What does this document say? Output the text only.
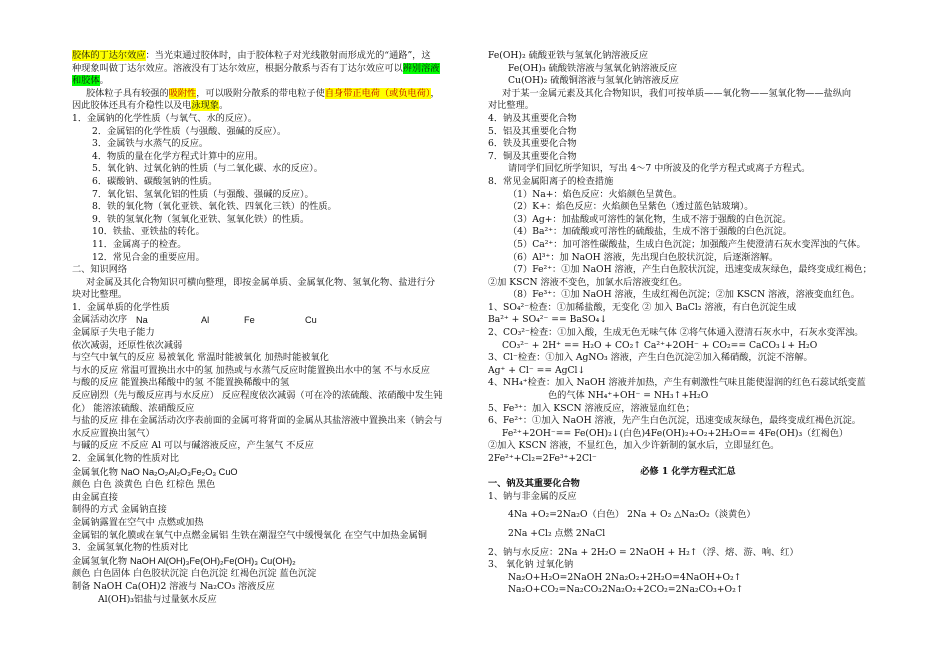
胶体的丁达尔效应：当光束通过胶体时，由于胶体粒子对光线散射而形成光的“通路”，这
种现象叫做丁达尔效应。溶液没有丁达尔效应，根据分散系与否有丁达尔效应可以辨别溶液
和胶体。
胶体粒子具有较强的吸附性，可以吸附分散系的带电粒子使自身带正电荷（或负电荷），
因此胶体还具有介稳性以及电泳现象。
1．金属钠的化学性质（与氧气、水的反应）。
2．金属铝的化学性质（与强酸、强碱的反应）。
3．金属铁与水蒸气的反应。
4．物质的量在化学方程式计算中的应用。
5．氧化钠、过氧化钠的性质（与二氧化碳、水的反应）。
6．碳酸钠、碳酸氢钠的性质。
7．氧化铝、氢氧化铝的性质（与强酸、强碱的反应）。
8．铁的氧化物（氧化亚铁、氧化铁、四氧化三铁）的性质。
9．铁的氢氧化物（氢氧化亚铁、氢氧化铁）的性质。
10．铁盐、亚铁盐的转化。
11．金属离子的检查。
12．常见合金的重要应用。
二、知识网络
对金属及其化合物知识可横向整理，即按金属单质、金属氧化物、氢氧化物、盐进行分
块对比整理。
1．金属单质的化学性质
金属活动次序 Na	Al	Fe	Cu
金属原子失电子能力
依次减弱，还原性依次减弱
与空气中氧气的反应 易被氧化 常温时能被氧化 加热时能被氧化
与水的反应 常温可置换出水中的氢 加热或与水蒸气反应时能置换出水中的氢 不与水反应
与酸的反应 能置换出稀酸中的氢 不能置换稀酸中的氢
反应剧烈（先与酸反应再与水反应） 反应程度依次减弱（可在冷的浓硫酸、浓硝酸中发生钝
化） 能溶浓硫酸、浓硝酸反应
与盐的反应 排在金属活动次序表前面的金属可将背面的金属从其盐溶液中置换出来（钠会与
水反应置换出氢气）
与碱的反应 不反应 Al 可以与碱溶液反应，产生氢气 不反应
2．金属氧化物的性质对比
金属氧化物 NaO Na₂O₂Al₂O₃Fe₂O₃ CuO
颜色 白色 淡黄色 白色 红棕色 黑色
由金属直接
制得的方式 金属钠直接
金属钠露置在空气中 点燃或加热
金属铝的氧化膜或在氧气中点燃金属铝 生铁在潮湿空气中缓慢氧化 在空气中加热金属铜
3．金属氢氧化物的性质对比
金属氢氧化物 NaOH Al(OH)₃Fe(OH)₂Fe(OH)₃ Cu(OH)₂
颜色 白色固体 白色胶状沉淀 白色沉淀 红褐色沉淀 蓝色沉淀
制备 NaOH Ca(OH)2 溶液与 Na₂CO₃ 溶液反应
Al(OH)₃铝盐与过量氨水反应
Fe(OH)₂ 硫酸亚铁与氢氧化钠溶液反应
Fe(OH)₃ 硫酸铁溶液与氢氧化钠溶液反应
Cu(OH)₂ 硫酸铜溶液与氢氧化钠溶液反应
对于某一金属元素及其化合物知识，我们可按单质——氧化物——氢氧化物——盐纵向
对比整理。
4．钠及其重要化合物
5．铝及其重要化合物
6．铁及其重要化合物
7．铜及其重要化合物
请同学们回忆所学知识，写出 4～7 中所波及的化学方程式或离子方程式。
8．常见金属阳离子的检查措施
（1）Na+：焰色反应：火焰颜色呈黄色。
（2）K+：焰色反应：火焰颜色呈紫色（透过蓝色钴玻璃）。
（3）Ag+：加盐酸或可溶性的氯化物，生成不溶于强酸的白色沉淀。
（4）Ba²⁺：加硫酸或可溶性的硫酸盐，生成不溶于强酸的白色沉淀。
（5）Ca²⁺：加可溶性碳酸盐，生成白色沉淀；加强酸产生使澄清石灰水变浑浊的气体。
（6）Al³⁺：加 NaOH 溶液，先出现白色胶状沉淀，后逐渐溶解。
（7）Fe²⁺：①加 NaOH 溶液，产生白色胶状沉淀，迅速变成灰绿色，最终变成红褐色；
②加 KSCN 溶液不变色，加氯水后溶液变红色。
（8）Fe³⁺：①加 NaOH 溶液，生成红褐色沉淀；②加 KSCN 溶液，溶液变血红色。
1、SO₄²⁻检查：①加稀盐酸，无变化 ② 加入 BaCl₂ 溶液，有白色沉淀生成
Ba²⁺ + SO₄²⁻ == BaSO₄↓
2、CO₃²⁻检查：①加入酸，生成无色无味气体 ②将气体通入澄清石灰水中，石灰水变浑浊。
CO₃²⁻ + 2H⁺ == H₂O + CO₂↑ Ca²⁺+2OH⁻ + CO₂== CaCO₃↓+ H₂O
3、Cl⁻检查：①加入 AgNO₃ 溶液，产生白色沉淀②加入稀硝酸，沉淀不溶解。
Ag⁺ + Cl⁻ == AgCl↓
4、NH₄⁺检查：加入 NaOH 溶液并加热，产生有刺激性气味且能使湿润的红色石蕊试纸变蓝
色的气体 NH₄⁺+OH⁻ = NH₃↑+H₂O
5、Fe³⁺：加入 KSCN 溶液反应，溶液显血红色；
6、Fe²⁺：①加入 NaOH 溶液，先产生白色沉淀，迅速变成灰绿色，最终变成红褐色沉淀。
Fe²⁺+2OH⁻== Fe(OH)₂↓(白色)4Fe(OH)₂+O₂+2H₂O== 4Fe(OH)₃（红褐色）
②加入 KSCN 溶液，不显红色，加入少许新制的氯水后，立即显红色。
2Fe²⁺+Cl₂=2Fe³⁺+2Cl⁻
必修 1 化学方程式汇总
一、钠及其重要化合物
1、钠与非金属的反应
4Na +O₂=2Na₂O（白色） 2Na + O₂ △Na₂O₂（淡黄色）
2Na +Cl₂ 点燃 2NaCl
2、钠与水反应：2Na + 2H₂O = 2NaOH + H₂↑（浮、熔、游、响、红）
3、 氧化钠 过氧化钠
Na₂O+H₂O=2NaOH 2Na₂O₂+2H₂O=4NaOH+O₂↑
Na₂O+CO₂=Na₂CO₃2Na₂O₂+2CO₂=2Na₂CO₃+O₂↑
